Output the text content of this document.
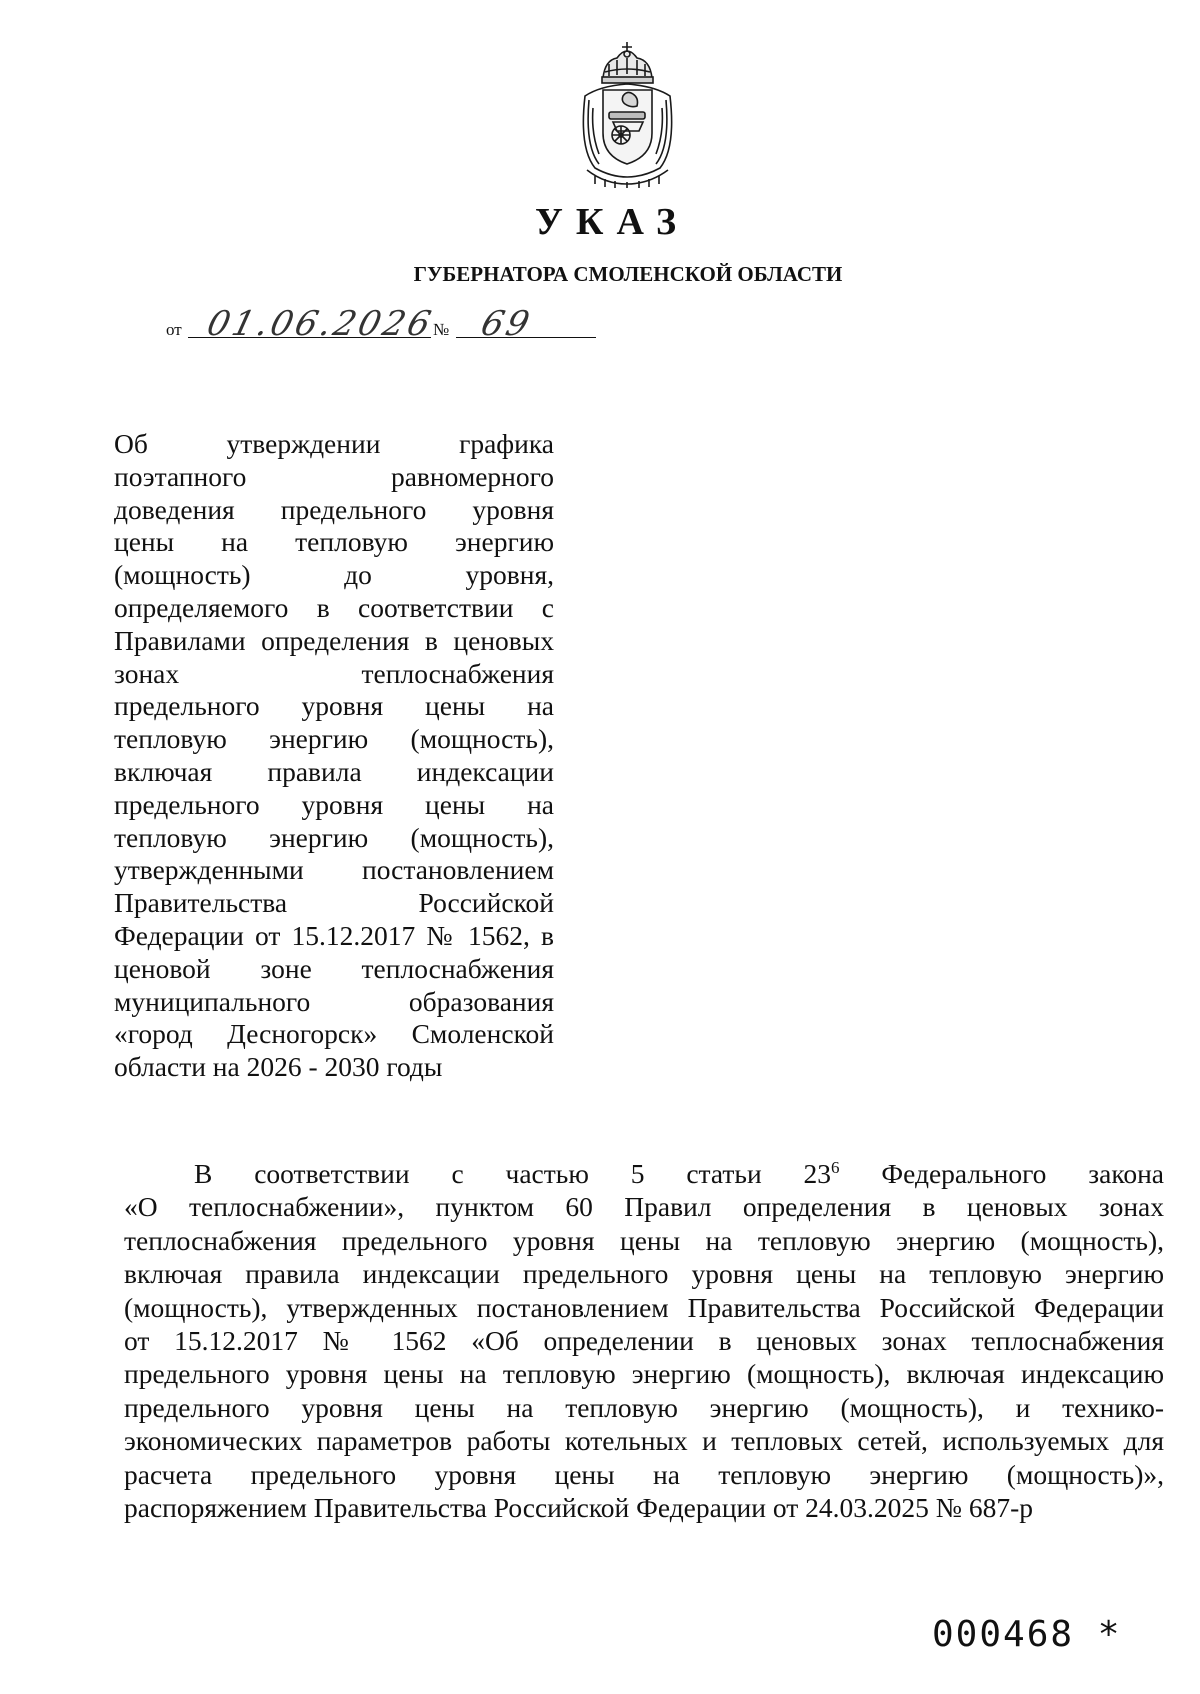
УКАЗ
ГУБЕРНАТОРА СМОЛЕНСКОЙ ОБЛАСТИ
от 01.06.2026
№ 69
Об утверждении графика
поэтапного равномерного
доведения предельного уровня
цены на тепловую энергию
(мощность) до уровня,
определяемого в соответствии с
Правилами определения в ценовых
зонах теплоснабжения
предельного уровня цены на
тепловую энергию (мощность),
включая правила индексации
предельного уровня цены на
тепловую энергию (мощность),
утвержденными постановлением
Правительства Российской
Федерации от 15.12.2017 № 1562, в
ценовой зоне теплоснабжения
муниципального образования
«город Десногорск» Смоленской
области на 2026 - 2030 годы
В соответствии с частью 5 статьи $23^6$ Федерального закона
«О теплоснабжении», пунктом 60 Правил определения в ценовых зонах
теплоснабжения предельного уровня цены на тепловую энергию (мощность),
включая правила индексации предельного уровня цены на тепловую энергию
(мощность), утвержденных постановлением Правительства Российской Федерации
от 15.12.2017 № 1562 «Об определении в ценовых зонах теплоснабжения
предельного уровня цены на тепловую энергию (мощность), включая индексацию
предельного уровня цены на тепловую энергию (мощность), и технико-
экономических параметров работы котельных и тепловых сетей, используемых для
расчета предельного уровня цены на тепловую энергию (мощность)»,
распоряжением Правительства Российской Федерации от 24.03.2025 № 687-р
000468 *
